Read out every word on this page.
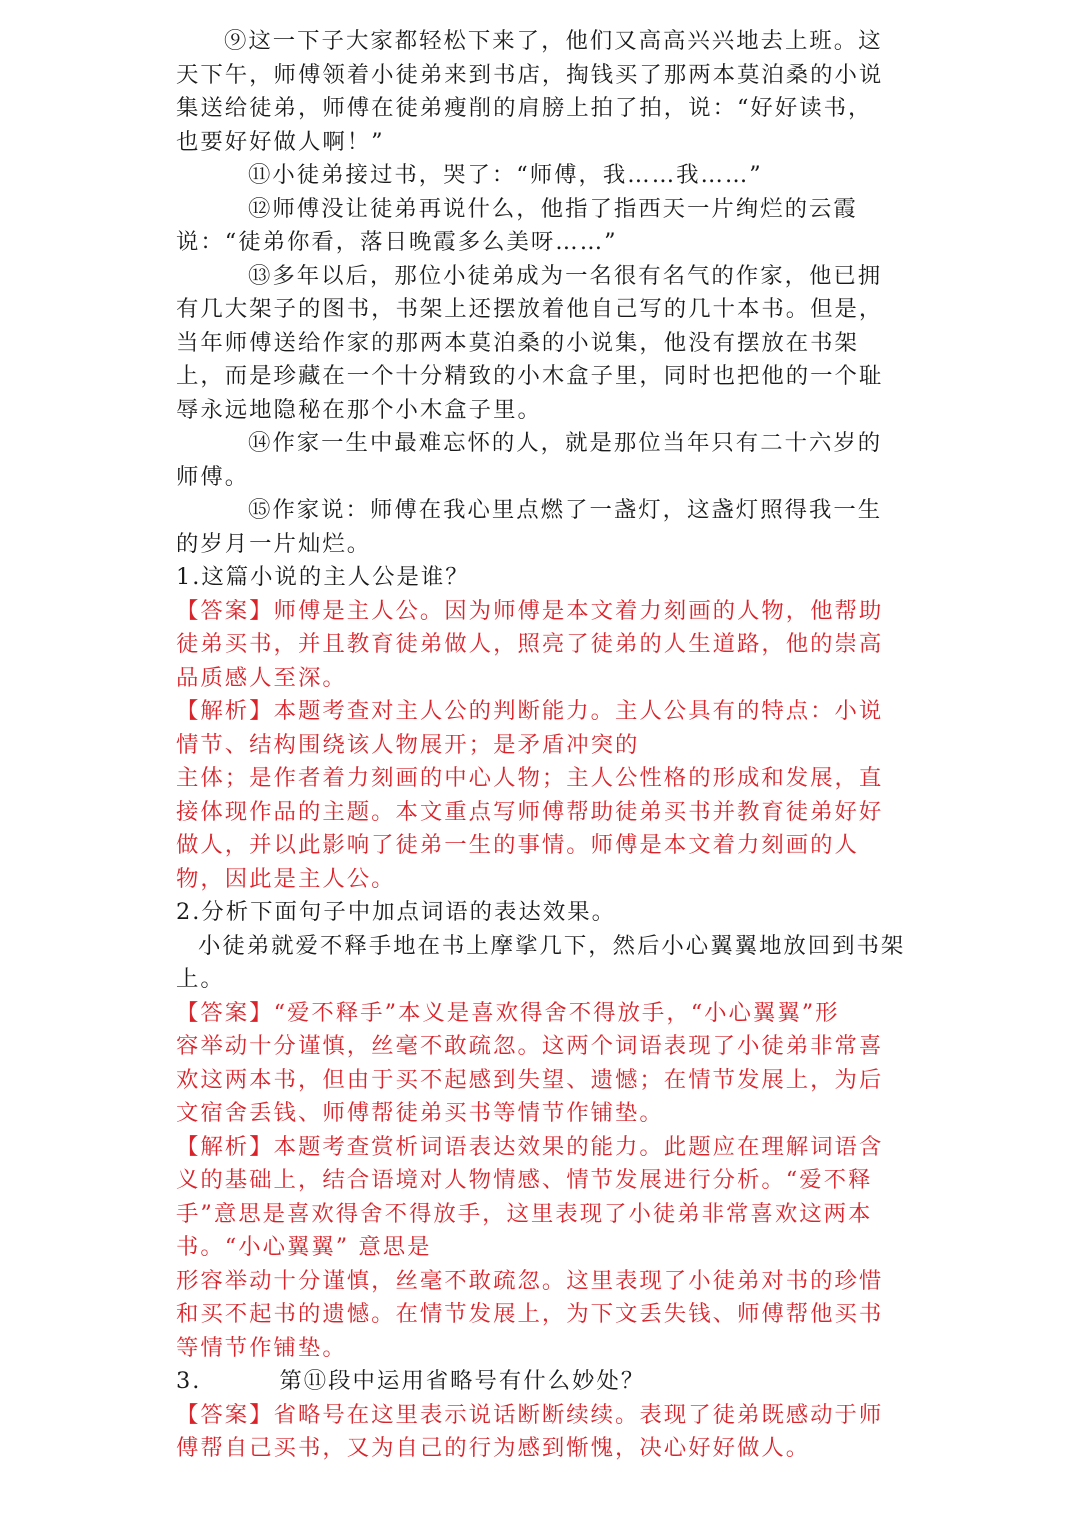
⑨这一下子大家都轻松下来了，他们又高高兴兴地去上班。这
天下午，师傅领着小徒弟来到书店，掏钱买了那两本莫泊桑的小说
集送给徒弟，师傅在徒弟瘦削的肩膀上拍了拍，说：“好好读书，
也要好好做人啊！”
⑪小徒弟接过书，哭了：“师傅，我……我……”
⑫师傅没让徒弟再说什么，他指了指西天一片绚烂的云霞
说：“徒弟你看，落日晚霞多么美呀……”
⑬多年以后，那位小徒弟成为一名很有名气的作家，他已拥
有几大架子的图书，书架上还摆放着他自己写的几十本书。但是，
当年师傅送给作家的那两本莫泊桑的小说集，他没有摆放在书架
上，而是珍藏在一个十分精致的小木盒子里，同时也把他的一个耻
辱永远地隐秘在那个小木盒子里。
⑭作家一生中最难忘怀的人，就是那位当年只有二十六岁的
师傅。
⑮作家说：师傅在我心里点燃了一盏灯，这盏灯照得我一生
的岁月一片灿烂。
1.这篇小说的主人公是谁？
【答案】师傅是主人公。因为师傅是本文着力刻画的人物，他帮助
徒弟买书，并且教育徒弟做人，照亮了徒弟的人生道路，他的崇高
品质感人至深。
【解析】本题考查对主人公的判断能力。主人公具有的特点：小说
情节、结构围绕该人物展开；是矛盾冲突的
主体；是作者着力刻画的中心人物；主人公性格的形成和发展，直
接体现作品的主题。本文重点写师傅帮助徒弟买书并教育徒弟好好
做人，并以此影响了徒弟一生的事情。师傅是本文着力刻画的人
物，因此是主人公。
2.分析下面句子中加点词语的表达效果。
小徒弟就爱不释手地在书上摩挲几下，然后小心翼翼地放回到书架
上。
【答案】“爱不释手”本义是喜欢得舍不得放手，“小心翼翼”形
容举动十分谨慎，丝毫不敢疏忽。这两个词语表现了小徒弟非常喜
欢这两本书，但由于买不起感到失望、遗憾；在情节发展上，为后
文宿舍丢钱、师傅帮徒弟买书等情节作铺垫。
【解析】本题考查赏析词语表达效果的能力。此题应在理解词语含
义的基础上，结合语境对人物情感、情节发展进行分析。“爱不释
手”意思是喜欢得舍不得放手，这里表现了小徒弟非常喜欢这两本
书。“小心翼翼” 意思是
形容举动十分谨慎，丝毫不敢疏忽。这里表现了小徒弟对书的珍惜
和买不起书的遗憾。在情节发展上，为下文丢失钱、师傅帮他买书
等情节作铺垫。
3.	第⑪段中运用省略号有什么妙处？
【答案】省略号在这里表示说话断断续续。表现了徒弟既感动于师
傅帮自己买书，又为自己的行为感到惭愧，决心好好做人。
